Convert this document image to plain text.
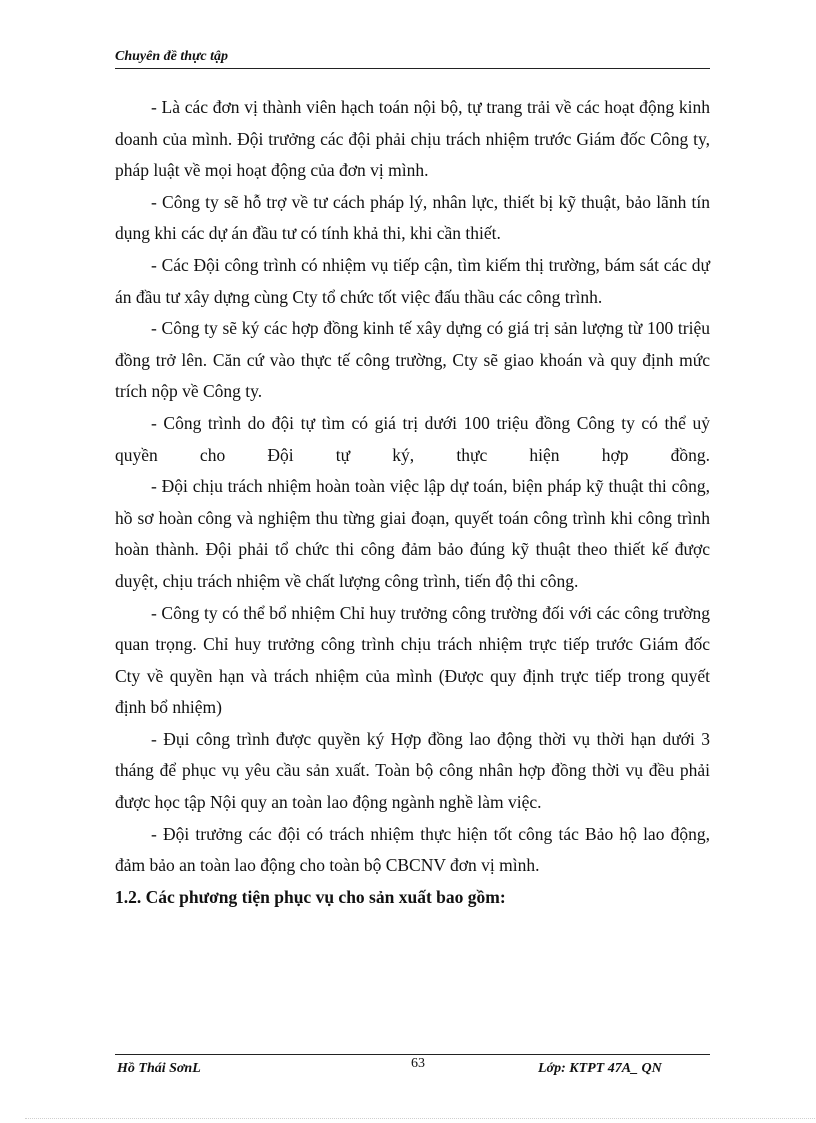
Chuyên đề thực tập

- Là các đơn vị thành viên hạch toán nội bộ, tự trang trải về các hoạt động kinh doanh của mình. Đội trưởng các đội phải chịu trách nhiệm trước Giám đốc Công ty, pháp luật về mọi hoạt động của đơn vị mình.

- Công ty sẽ hỗ trợ về tư cách pháp lý, nhân lực, thiết bị kỹ thuật, bảo lãnh tín dụng khi các dự án đầu tư có tính khả thi, khi cần thiết.

- Các Đội công trình có nhiệm vụ tiếp cận, tìm kiếm thị trường, bám sát các dự án đầu tư xây dựng cùng Cty tổ chức tốt việc đấu thầu các công trình.

- Công ty sẽ ký các hợp đồng kinh tế xây dựng có giá trị sản lượng từ 100 triệu đồng trở lên. Căn cứ vào thực tế công trường, Cty sẽ giao khoán và quy định mức trích nộp về Công ty.

- Công trình do đội tự tìm có giá trị dưới 100 triệu đồng Công ty có thể uỷ quyền cho Đội tự ký, thực hiện hợp đồng.

- Đội chịu trách nhiệm hoàn toàn việc lập dự toán, biện pháp kỹ thuật thi công, hồ sơ hoàn công và nghiệm thu từng giai đoạn, quyết toán công trình khi công trình hoàn thành. Đội phải tổ chức thi công đảm bảo đúng kỹ thuật theo thiết kế được duyệt, chịu trách nhiệm về chất lượng công trình, tiến độ thi công.

- Công ty có thể bổ nhiệm Chỉ huy trưởng công trường đối với các công trường quan trọng. Chỉ huy trưởng công trình chịu trách nhiệm trực tiếp trước Giám đốc Cty về quyền hạn và trách nhiệm của mình (Được quy định trực tiếp trong quyết định bổ nhiệm)

- Đụi công trình được quyền ký Hợp đồng lao động thời vụ thời hạn dưới 3 tháng để phục vụ yêu cầu sản xuất. Toàn bộ công nhân hợp đồng thời vụ đều phải được học tập Nội quy an toàn lao động ngành nghề làm việc.

- Đội trưởng các đội có trách nhiệm thực hiện tốt công tác Bảo hộ lao động, đảm bảo an toàn lao động cho toàn bộ CBCNV đơn vị mình.

1.2. Các phương tiện phục vụ cho sản xuất bao gồm:

Hồ Thái SơnL	63	Lớp: KTPT 47A_ QN
